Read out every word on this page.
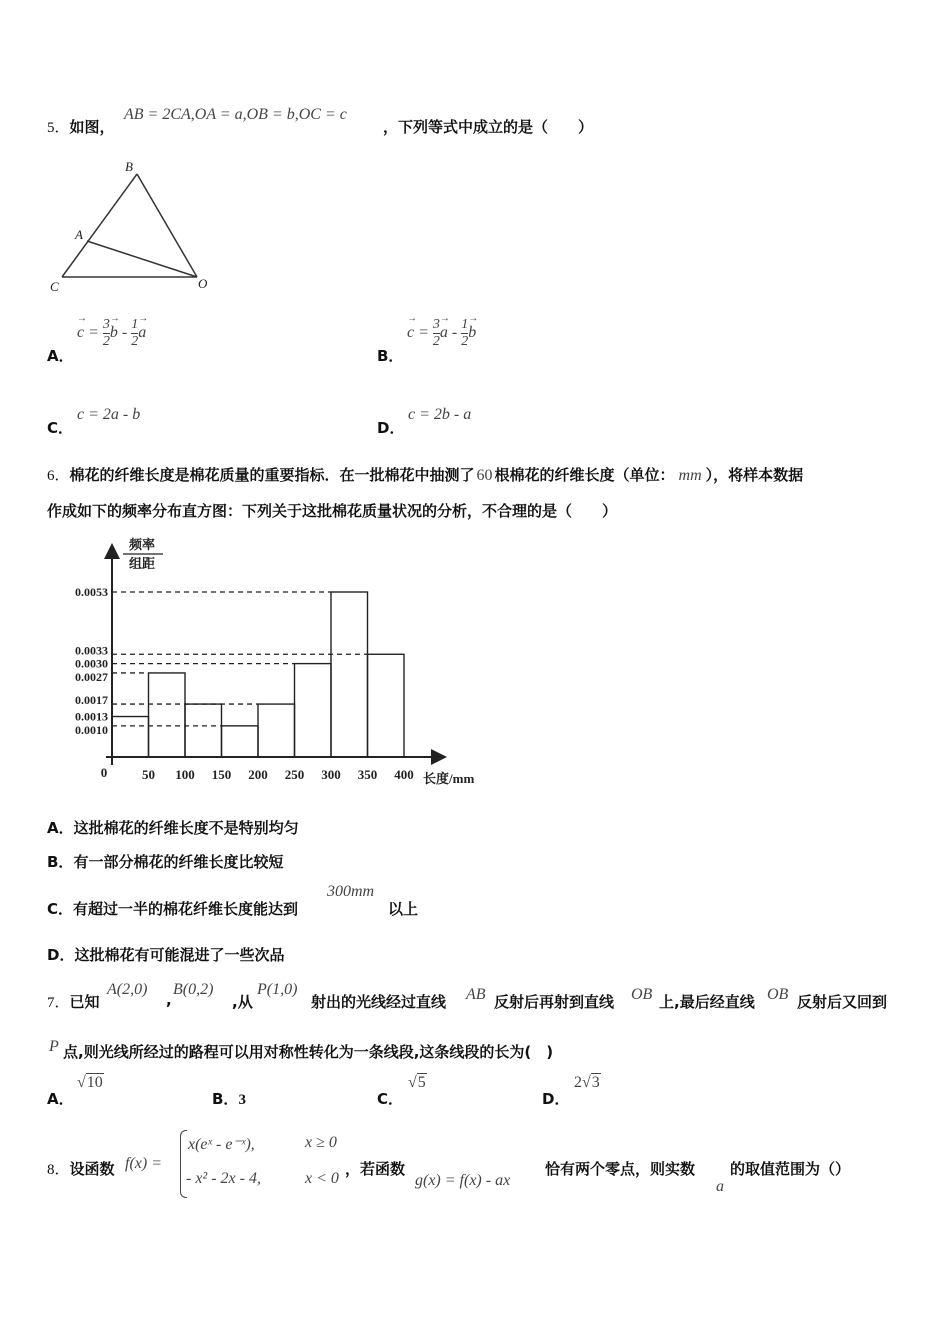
5．如图，
AB = 2CA,OA = a,OB = b,OC = c
，下列等式中成立的是（　　）
B
A
C	O
A．
→ $c = \frac{3}{2}$
→ b - $\frac{1}{2}$
→ a
B．
→ $c = \frac{3}{2}$
→ a - $\frac{1}{2}$
→ b
C．
c = 2a - b
D．
c = 2b - a
6．棉花的纤维长度是棉花质量的重要指标．在一批棉花中抽测了 60 根棉花的纤维长度（单位： mm ），将样本数据
作成如下的频率分布直方图：下列关于这批棉花质量状况的分析，不合理的是（　　）
0.0053
0.0033
0.0030
0.0027
0.0017
0.0013
0.0010
50 100 150 200 250 300 350 400
0	长度/mm
频率
组距
A．这批棉花的纤维长度不是特别均匀
B．有一部分棉花的纤维长度比较短
C．有超过一半的棉花纤维长度能达到
300mm
以上
D．这批棉花有可能混进了一些次品
7．已知
A(2,0)
,
B(0,2)
,从
P(1,0)
射出的光线经过直线 AB 反射后再射到直线 OB 上,最后经直线 OB 反射后又回到
P 点,则光线所经过的路程可以用对称性转化为一条线段,这条线段的长为(　)
A．
√10
B．3	C．
√5
D．
2√3
8．设函数 f(x) =
x(eˣ - e⁻ˣ),	x ≥ 0
- x² - 2x - 4,	x < 0
，若函数
g(x) = f(x) - ax
恰有两个零点，则实数
a
的取值范围为（）
